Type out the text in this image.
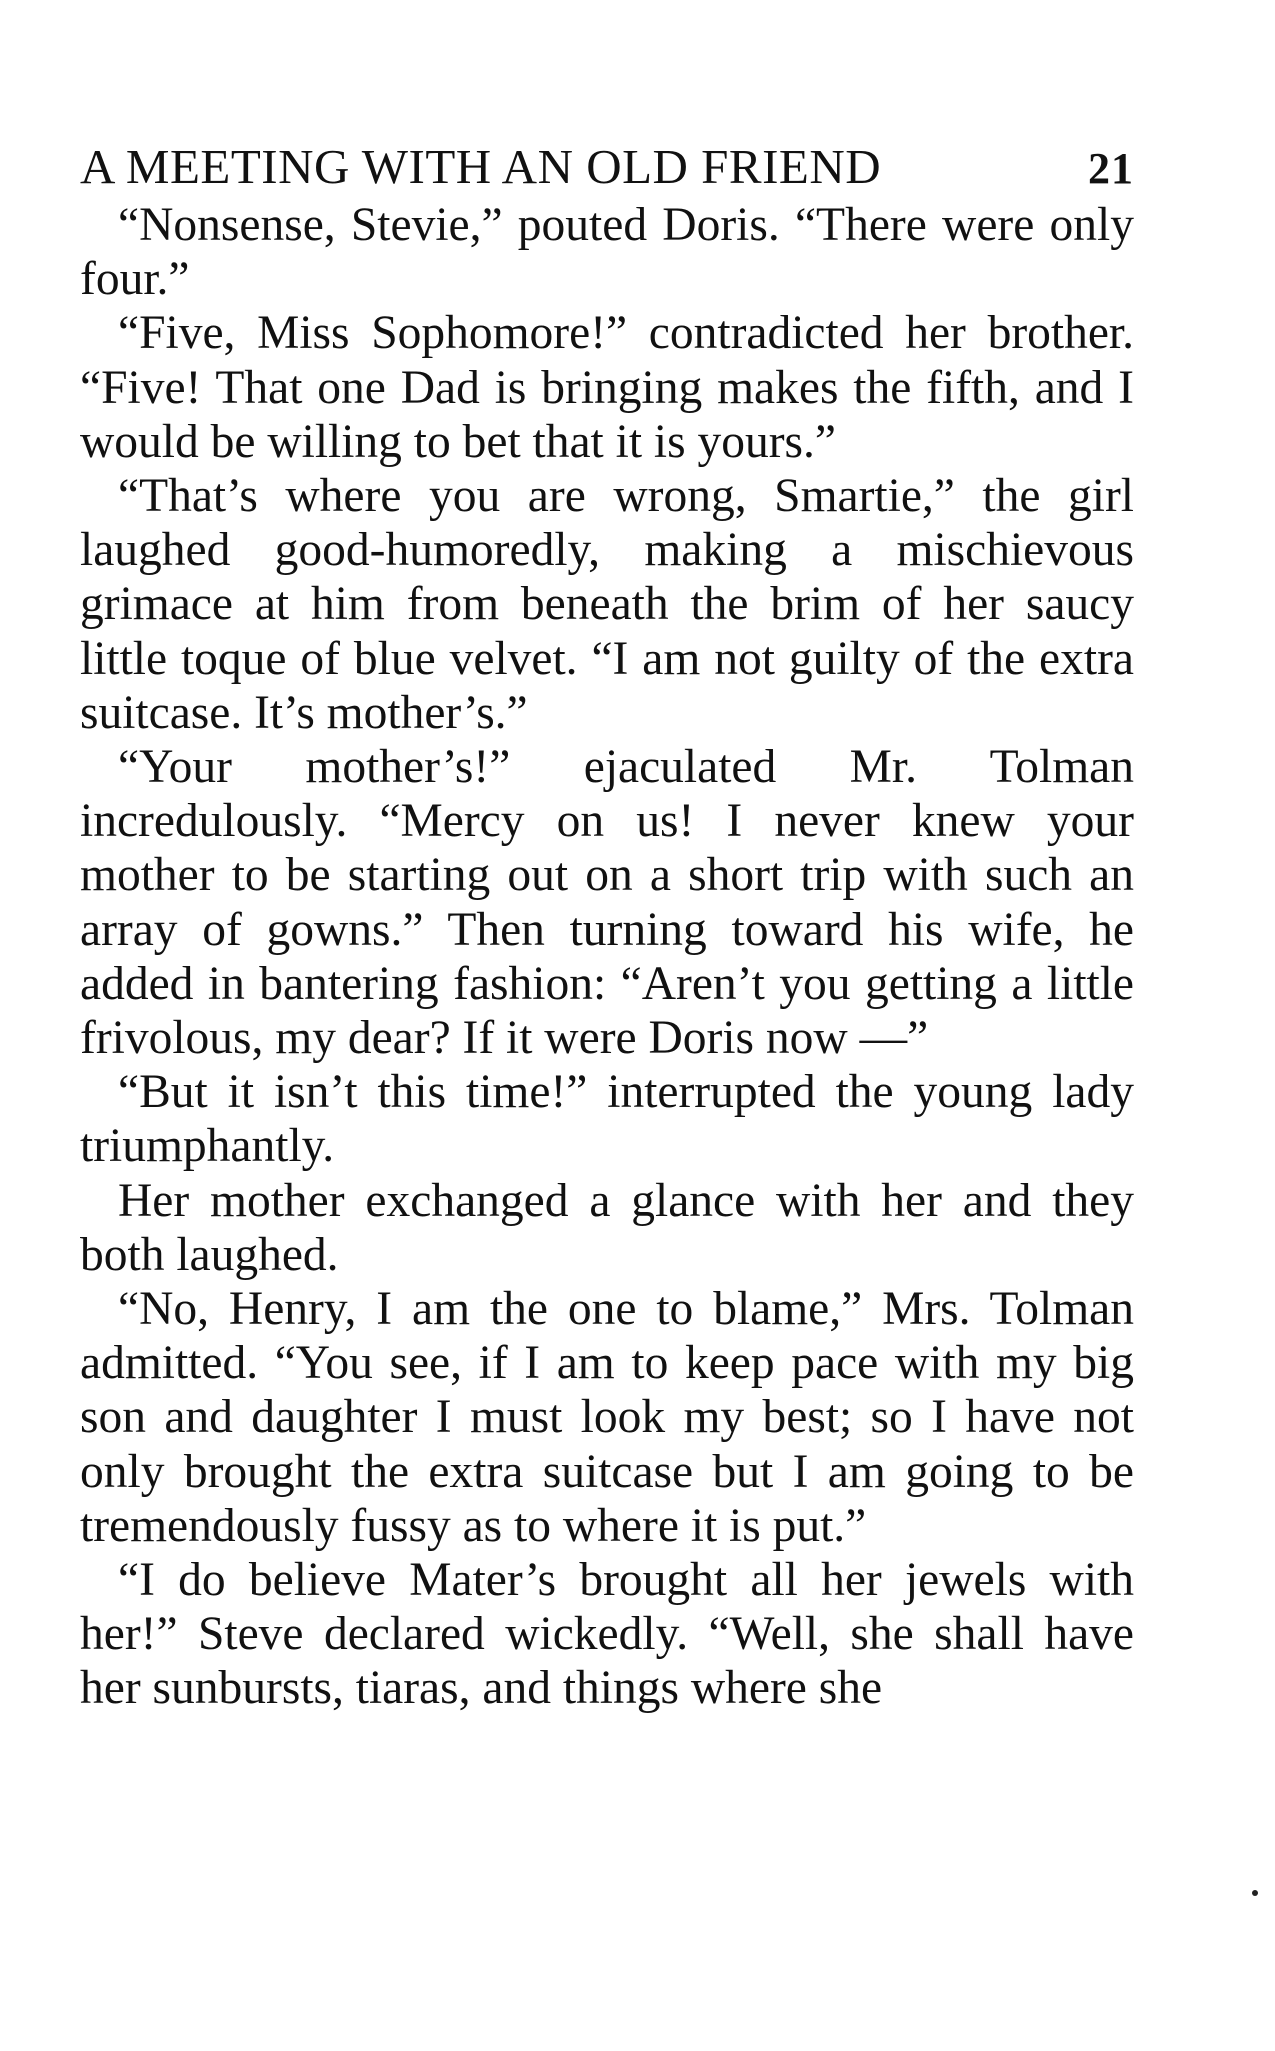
A MEETING WITH AN OLD FRIEND	21

“Nonsense, Stevie,” pouted Doris. “There were only four.”

“Five, Miss Sophomore!” contradicted her brother. “Five! That one Dad is bringing makes the fifth, and I would be willing to bet that it is yours.”

“That’s where you are wrong, Smartie,” the girl laughed good-humoredly, making a mischievous grimace at him from beneath the brim of her saucy little toque of blue velvet. “I am not guilty of the extra suitcase. It’s mother’s.”

“Your mother’s!” ejaculated Mr. Tolman incredulously. “Mercy on us! I never knew your mother to be starting out on a short trip with such an array of gowns.” Then turning toward his wife, he added in bantering fashion: “Aren’t you getting a little frivolous, my dear? If it were Doris now —”

“But it isn’t this time!” interrupted the young lady triumphantly.

Her mother exchanged a glance with her and they both laughed.

“No, Henry, I am the one to blame,” Mrs. Tolman admitted. “You see, if I am to keep pace with my big son and daughter I must look my best; so I have not only brought the extra suitcase but I am going to be tremendously fussy as to where it is put.”

“I do believe Mater’s brought all her jewels with her!” Steve declared wickedly. “Well, she shall have her sunbursts, tiaras, and things where she
